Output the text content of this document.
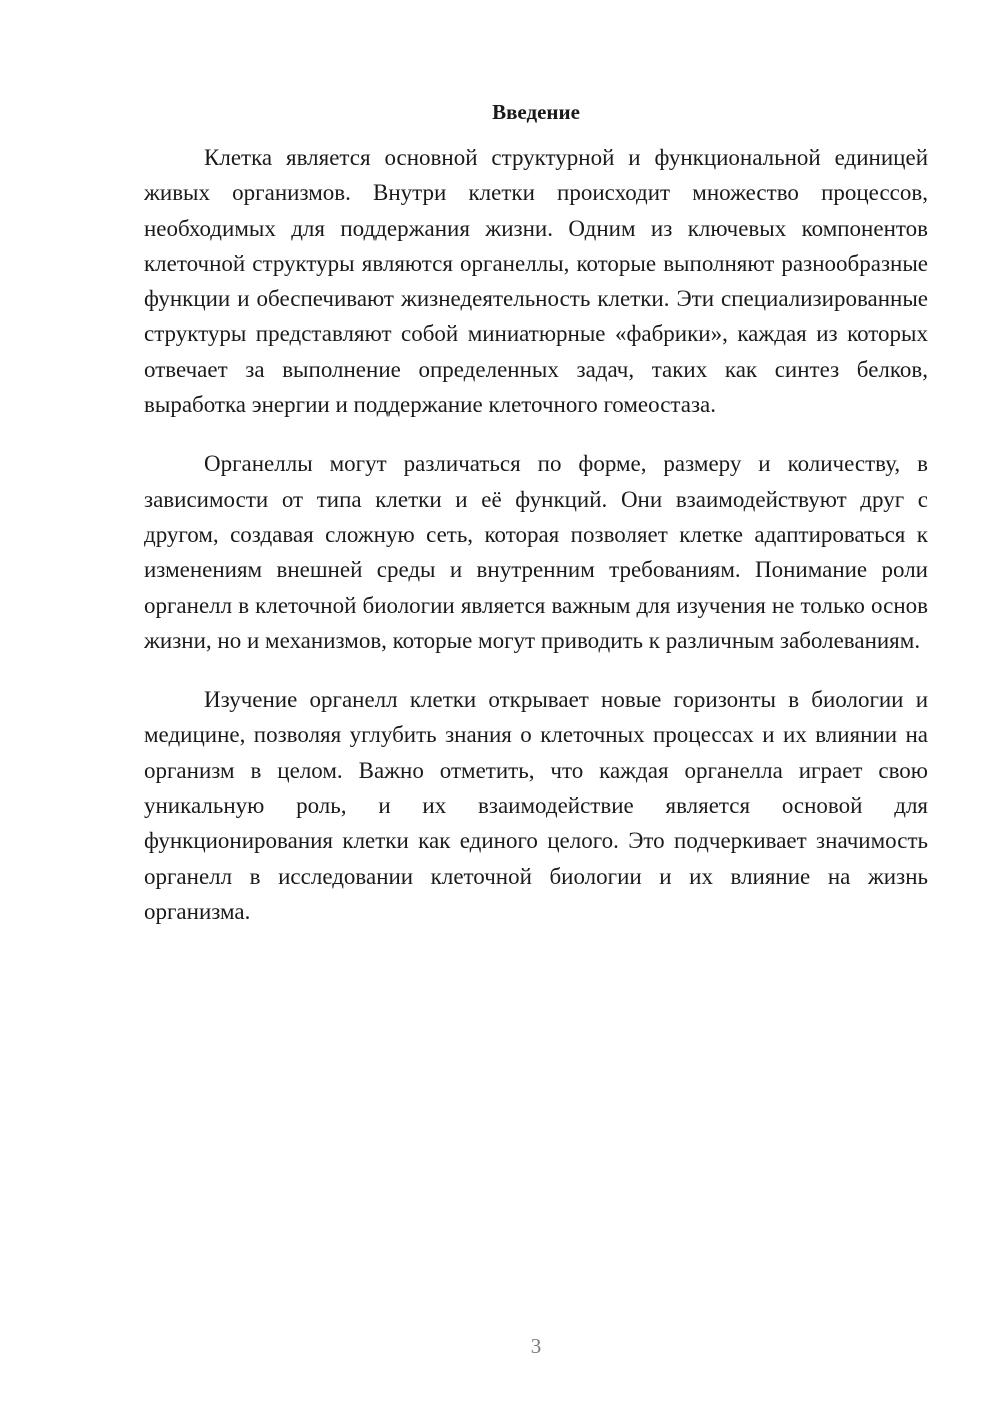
Введение

Клетка является основной структурной и функциональной единицей живых организмов. Внутри клетки происходит множество процессов, необходимых для поддержания жизни. Одним из ключевых компонентов клеточной структуры являются органеллы, которые выполняют разнообразные функции и обеспечивают жизнедеятельность клетки. Эти специализированные структуры представляют собой миниатюрные «фабрики», каждая из которых отвечает за выполнение определенных задач, таких как синтез белков, выработка энергии и поддержание клеточного гомеостаза.

Органеллы могут различаться по форме, размеру и количеству, в зависимости от типа клетки и её функций. Они взаимодействуют друг с другом, создавая сложную сеть, которая позволяет клетке адаптироваться к изменениям внешней среды и внутренним требованиям. Понимание роли органелл в клеточной биологии является важным для изучения не только основ жизни, но и механизмов, которые могут приводить к различным заболеваниям.

Изучение органелл клетки открывает новые горизонты в биологии и медицине, позволяя углубить знания о клеточных процессах и их влиянии на организм в целом. Важно отметить, что каждая органелла играет свою уникальную роль, и их взаимодействие является основой для функционирования клетки как единого целого. Это подчеркивает значимость органелл в исследовании клеточной биологии и их влияние на жизнь организма.

3
